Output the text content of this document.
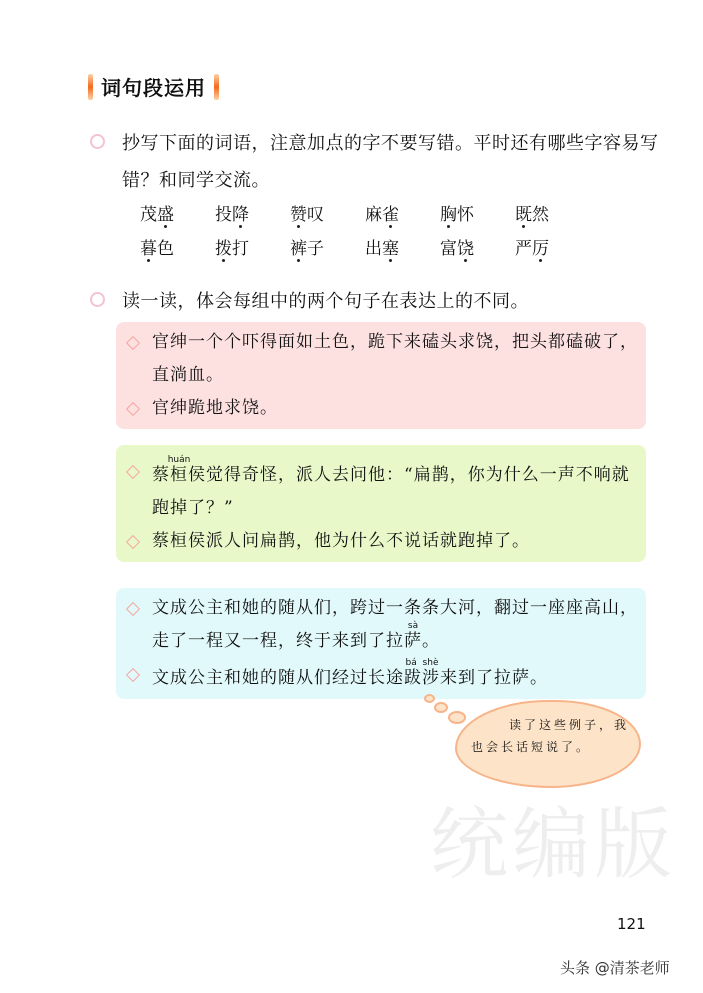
统编版
词句段运用
抄写下面的词语，注意加点的字不要写错。平时还有哪些字容易写错？和同学交流。
茂 盛 投 降 赞 叹 麻 雀 胸 怀 既 然
暮 色 拨 打 裤 子 出 塞 富 饶 严 厉
读一读，体会每组中的两个句子在表达上的不同。
官绅一个个吓得面如土色，跪下来磕头求饶，把头都磕破了，直淌血。
官绅跪地求饶。
蔡桓huán侯觉得奇怪，派人去问他：“扁鹊，你为什么一声不响就跑掉了？”
蔡桓侯派人问扁鹊，他为什么不说话就跑掉了。
文成公主和她的随从们，跨过一条条大河，翻过一座座高山，走了一程又一程，终于来到了拉萨sà。
文成公主和她的随从们经过长途跋涉bá shè来到了拉萨。
读了这些例子，我
也会长话短说了。
121
头条 @清茶老师
